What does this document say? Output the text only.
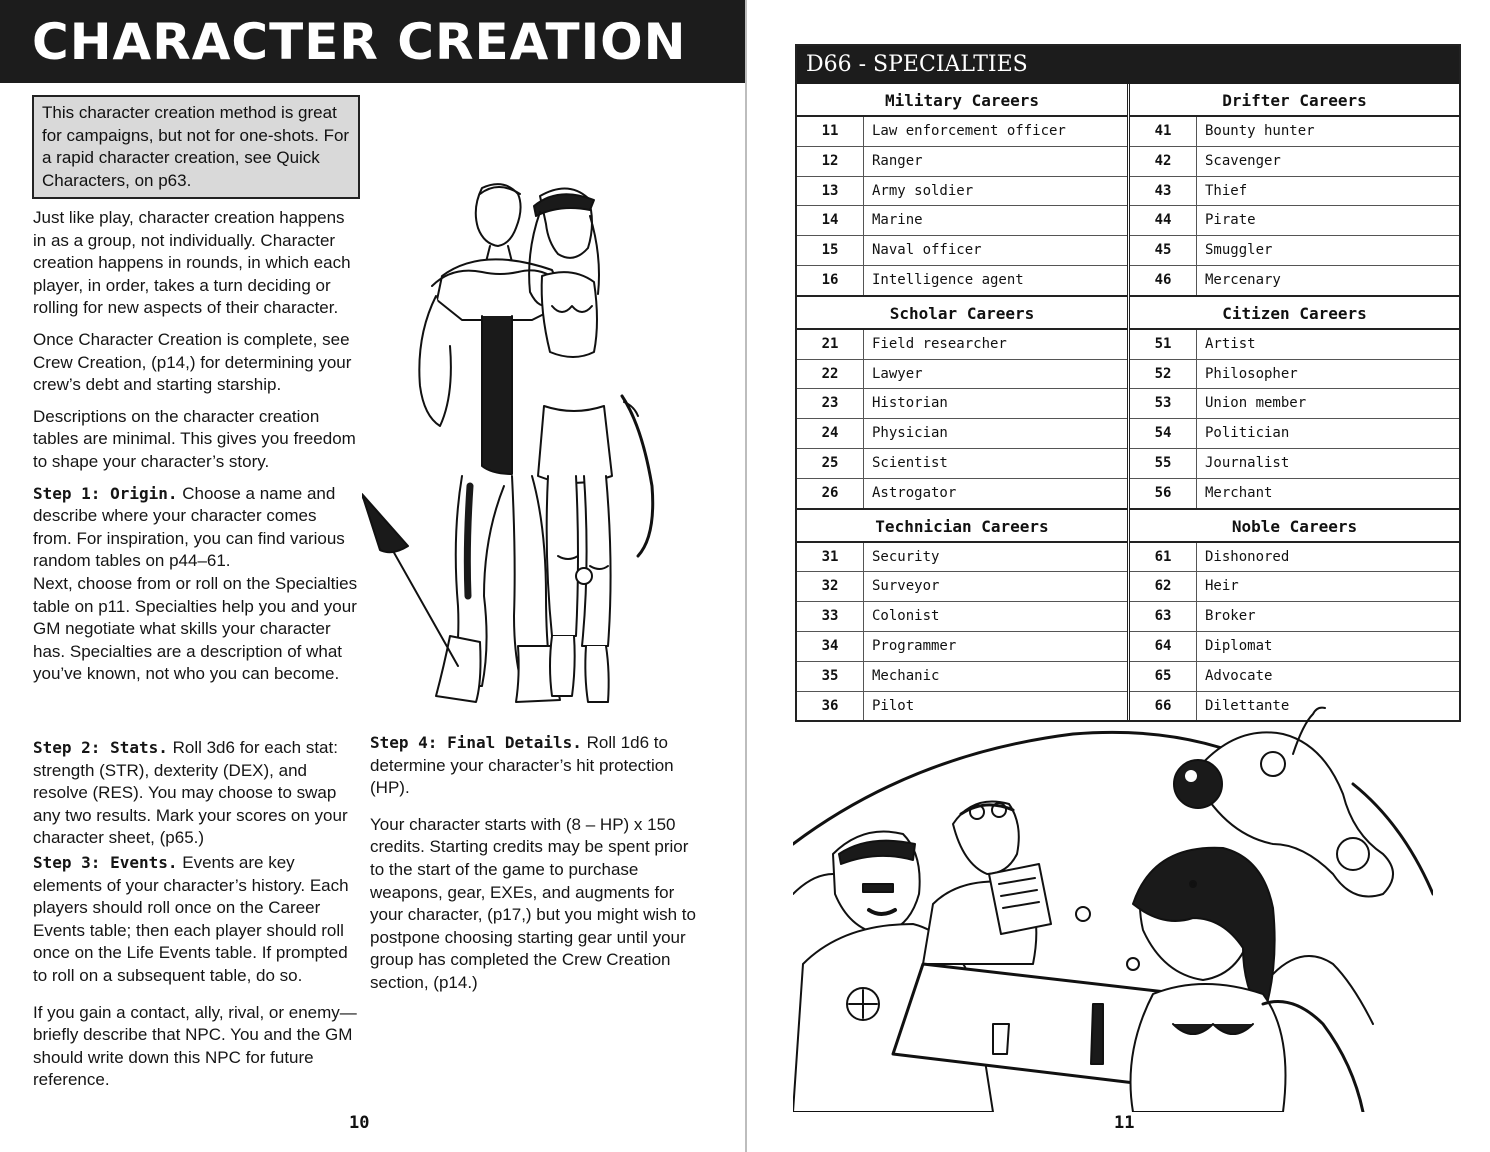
CHARACTER CREATION
This character creation method is great for campaigns, but not for one-shots. For a rapid character creation, see Quick Characters, on p63.

Just like play, character creation happens in as a group, not individually. Character creation happens in rounds, in which each player, in order, takes a turn deciding or rolling for new aspects of their character.

Once Character Creation is complete, see Crew Creation, (p14,) for determining your crew’s debt and starting starship.

Descriptions on the character creation tables are minimal. This gives you freedom to shape your character’s story.

Step 1: Origin. Choose a name and describe where your character comes from. For inspiration, you can find various random tables on p44–61.

Next, choose from or roll on the Specialties table on p11. Specialties help you and your GM negotiate what skills your character has. Specialties are a description of what you’ve known, not who you can become.

Step 2: Stats. Roll 3d6 for each stat: strength (STR), dexterity (DEX), and resolve (RES). You may choose to swap any two results. Mark your scores on your character sheet, (p65.)

Step 3: Events. Events are key elements of your character’s history. Each players should roll once on the Career Events table; then each player should roll once on the Life Events table. If prompted to roll on a subsequent table, do so.

If you gain a contact, ally, rival, or enemy—briefly describe that NPC. You and the GM should write down this NPC for future reference.

Step 4: Final Details. Roll 1d6 to determine your character’s hit protection (HP).

Your character starts with (8 – HP) x 150 credits. Starting credits may be spent prior to the start of the game to purchase weapons, gear, EXEs, and augments for your character, (p17,) but you might wish to postpone choosing starting gear until your group has completed the Crew Creation section, (p14.)

10
D66 - SPECIALTIES
Military Careers
11	Law enforcement officer
12	Ranger
13	Army soldier
14	Marine
15	Naval officer
16	Intelligence agent
Drifter Careers
41	Bounty hunter
42	Scavenger
43	Thief
44	Pirate
45	Smuggler
46	Mercenary
Scholar Careers
21	Field researcher
22	Lawyer
23	Historian
24	Physician
25	Scientist
26	Astrogator
Citizen Careers
51	Artist
52	Philosopher
53	Union member
54	Politician
55	Journalist
56	Merchant
Technician Careers
31	Security
32	Surveyor
33	Colonist
34	Programmer
35	Mechanic
36	Pilot
Noble Careers
61	Dishonored
62	Heir
63	Broker
64	Diplomat
65	Advocate
66	Dilettante
11
